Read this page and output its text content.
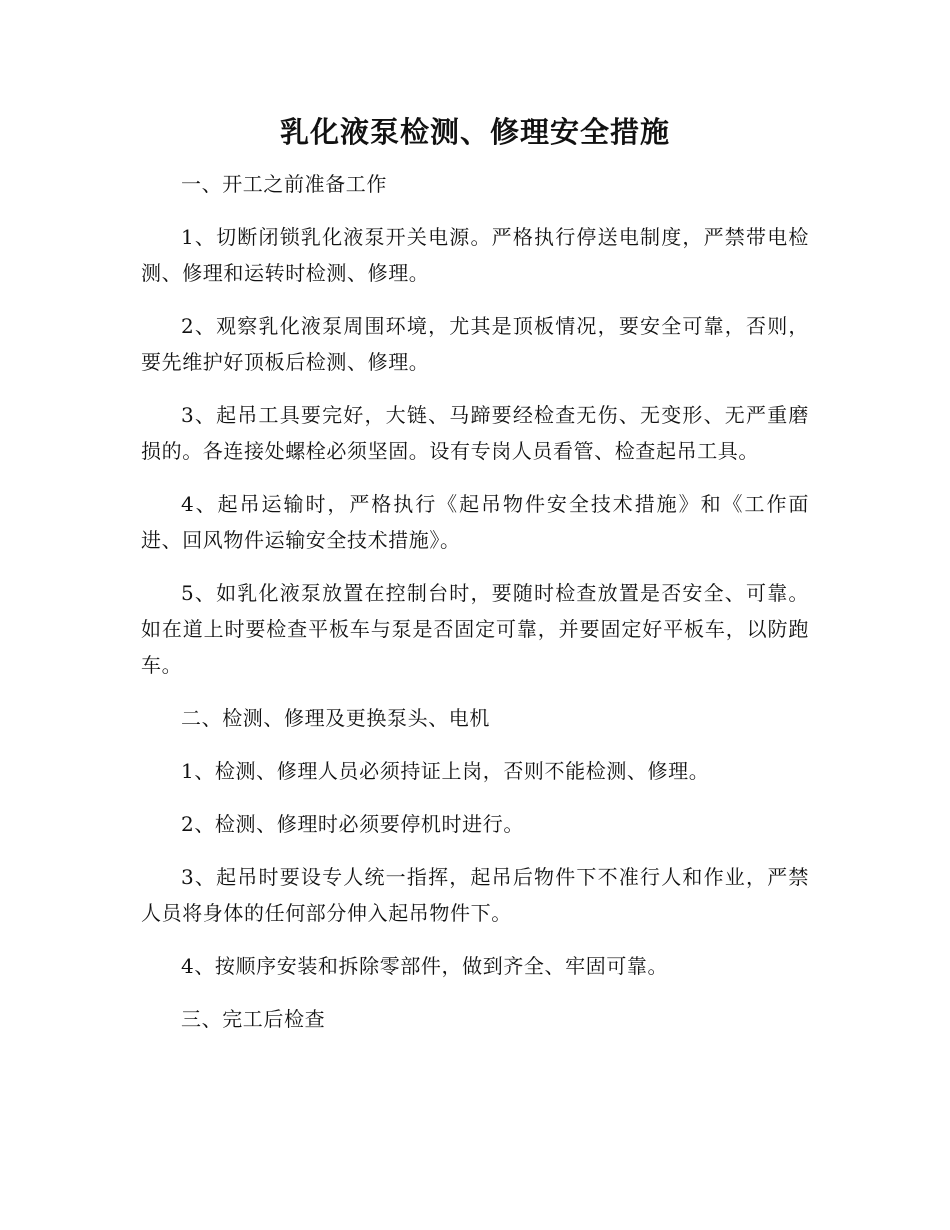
乳化液泵检测、修理安全措施
一、开工之前准备工作

1、切断闭锁乳化液泵开关电源。严格执行停送电制度，严禁带电检测、修理和运转时检测、修理。

2、观察乳化液泵周围环境，尤其是顶板情况，要安全可靠，否则，要先维护好顶板后检测、修理。

3、起吊工具要完好，大链、马蹄要经检查无伤、无变形、无严重磨损的。各连接处螺栓必须坚固。设有专岗人员看管、检查起吊工具。

4、起吊运输时，严格执行《起吊物件安全技术措施》和《工作面进、回风物件运输安全技术措施》。

5、如乳化液泵放置在控制台时，要随时检查放置是否安全、可靠。如在道上时要检查平板车与泵是否固定可靠，并要固定好平板车，以防跑车。

二、检测、修理及更换泵头、电机

1、检测、修理人员必须持证上岗，否则不能检测、修理。

2、检测、修理时必须要停机时进行。

3、起吊时要设专人统一指挥，起吊后物件下不准行人和作业，严禁人员将身体的任何部分伸入起吊物件下。

4、按顺序安装和拆除零部件，做到齐全、牢固可靠。

三、完工后检查
